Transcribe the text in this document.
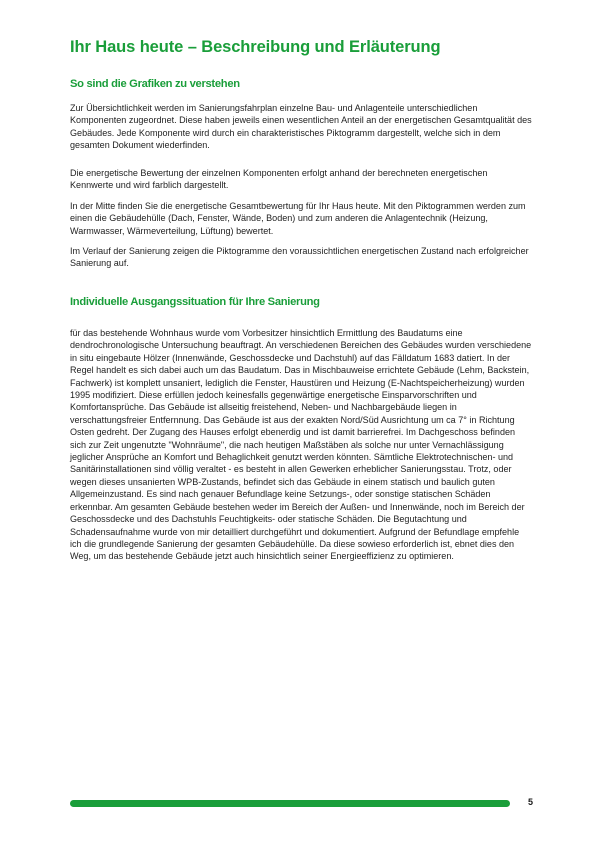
Ihr Haus heute – Beschreibung und Erläuterung
So sind die Grafiken zu verstehen

Zur Übersichtlichkeit werden im Sanierungsfahrplan einzelne Bau- und Anlagenteile unterschiedlichen Komponenten zugeordnet. Diese haben jeweils einen wesentlichen Anteil an der energetischen Gesamtqualität des Gebäudes. Jede Komponente wird durch ein charakteristisches Piktogramm dargestellt, welche sich in dem gesamten Dokument wiederfinden.

Die energetische Bewertung der einzelnen Komponenten erfolgt anhand der berechneten energetischen Kennwerte und wird farblich dargestellt.

In der Mitte finden Sie die energetische Gesamtbewertung für Ihr Haus heute. Mit den Piktogrammen werden zum einen die Gebäudehülle (Dach, Fenster, Wände, Boden) und zum anderen die Anlagentechnik (Heizung, Warmwasser, Wärmeverteilung, Lüftung) bewertet.

Im Verlauf der Sanierung zeigen die Piktogramme den voraussichtlichen energetischen Zustand nach erfolgreicher Sanierung auf.

Individuelle Ausgangssituation für Ihre Sanierung

für das bestehende Wohnhaus wurde vom Vorbesitzer hinsichtlich Ermittlung des Baudatums eine dendrochronologische Untersuchung beauftragt. An verschiedenen Bereichen des Gebäudes wurden verschiedene in situ eingebaute Hölzer (Innenwände, Geschossdecke und Dachstuhl) auf das Fälldatum 1683 datiert. In der Regel handelt es sich dabei auch um das Baudatum. Das in Mischbauweise errichtete Gebäude (Lehm, Backstein, Fachwerk) ist komplett unsaniert, lediglich die Fenster, Haustüren und Heizung (E-Nachtspeicherheizung) wurden 1995 modifiziert. Diese erfüllen jedoch keinesfalls gegenwärtige energetische Einsparvorschriften und Komfortansprüche. Das Gebäude ist allseitig freistehend, Neben- und Nachbargebäude liegen in verschattungsfreier Entfernnung. Das Gebäude ist aus der exakten Nord/Süd Ausrichtung um ca 7° in Richtung Osten gedreht. Der Zugang des Hauses erfolgt ebenerdig und ist damit barrierefrei. Im Dachgeschoss befinden sich zur Zeit ungenutzte "Wohnräume", die nach heutigen Maßstäben als solche nur unter Vernachlässigung jeglicher Ansprüche an Komfort und Behaglichkeit genutzt werden könnten. Sämtliche Elektrotechnischen- und Sanitärinstallationen sind völlig veraltet - es besteht in allen Gewerken erheblicher Sanierungsstau. Trotz, oder wegen dieses unsanierten WPB-Zustands, befindet sich das Gebäude in einem statisch und baulich guten Allgemeinzustand. Es sind nach genauer Befundlage keine Setzungs-, oder sonstige statischen Schäden erkennbar. Am gesamten Gebäude bestehen weder im Bereich der Außen- und Innenwände, noch im Bereich der Geschossdecke und des Dachstuhls Feuchtigkeits- oder statische Schäden. Die Begutachtung und Schadensaufnahme wurde von mir detailliert durchgeführt und dokumentiert. Aufgrund der Befundlage empfehle ich die grundlegende Sanierung der gesamten Gebäudehülle. Da diese sowieso erforderlich ist, ebnet dies den Weg, um das bestehende Gebäude jetzt auch hinsichtlich seiner Energieeffizienz zu optimieren.

5
